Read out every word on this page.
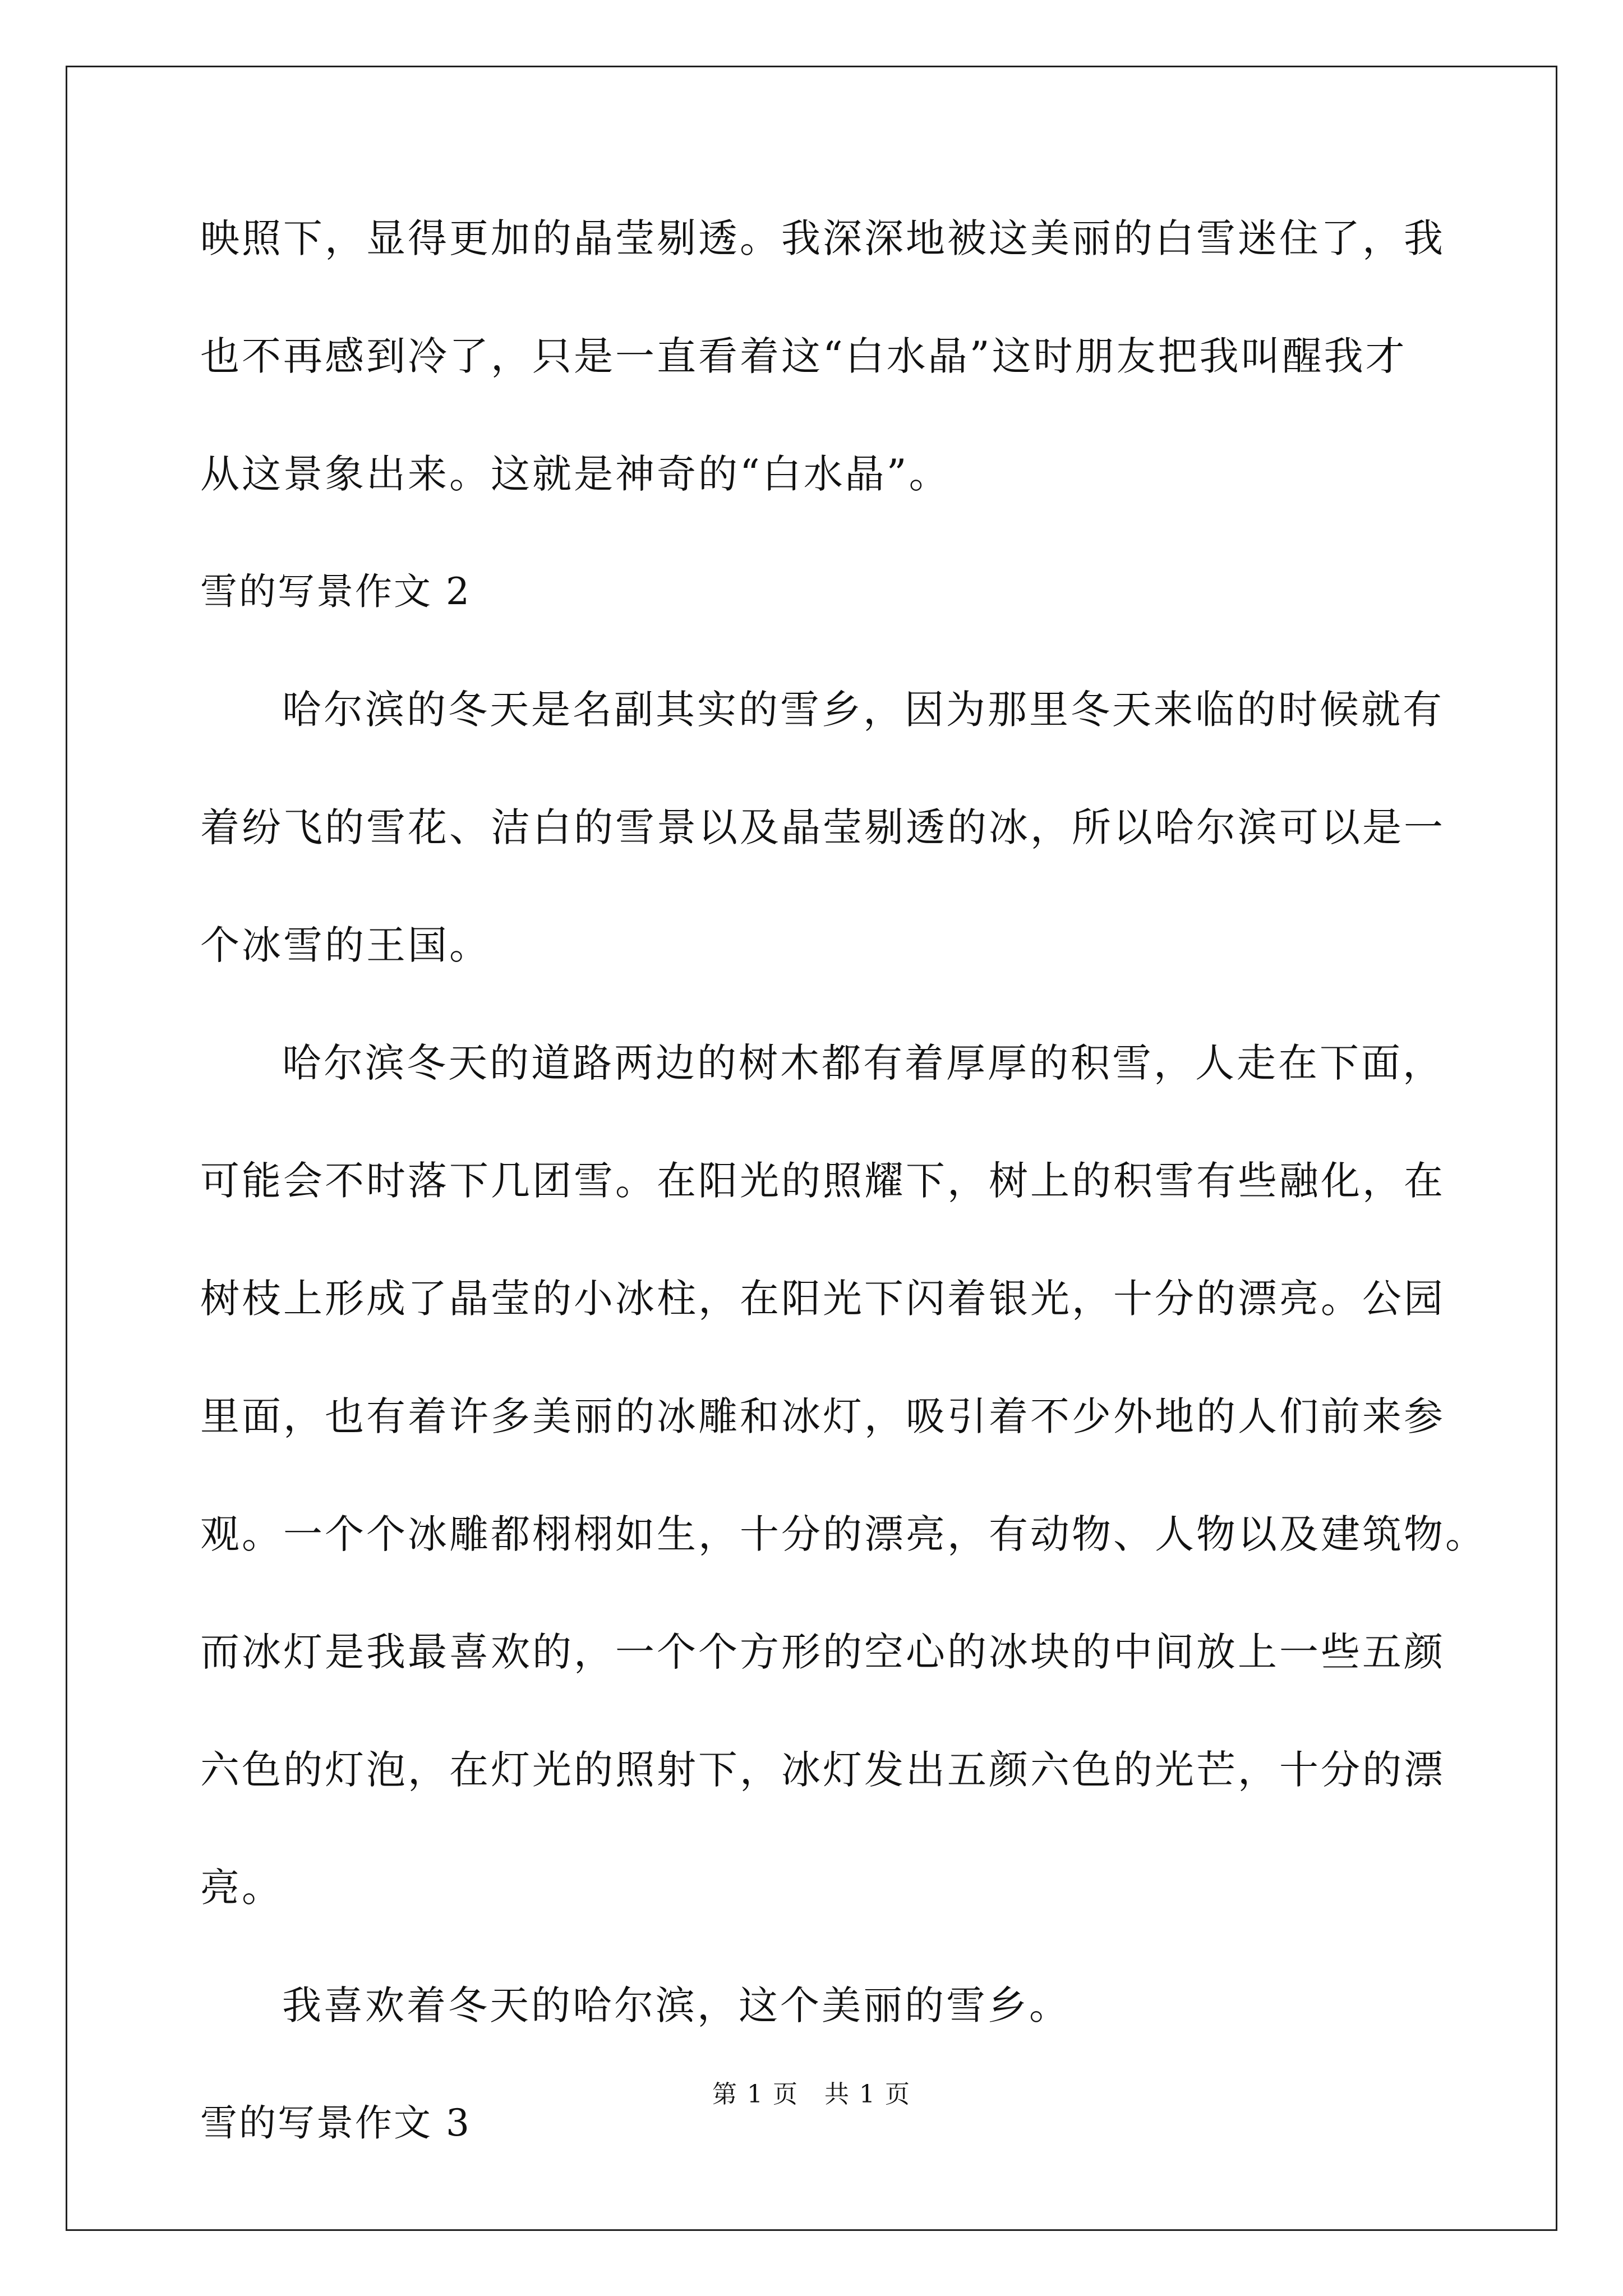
映照下，显得更加的晶莹剔透。我深深地被这美丽的白雪迷住了，我
也不再感到冷了，只是一直看着这“白水晶”这时朋友把我叫醒我才
从这景象出来。这就是神奇的“白水晶”。
雪的写景作文 2
哈尔滨的冬天是名副其实的雪乡，因为那里冬天来临的时候就有
着纷飞的雪花、洁白的雪景以及晶莹剔透的冰，所以哈尔滨可以是一
个冰雪的王国。
哈尔滨冬天的道路两边的树木都有着厚厚的积雪，人走在下面，
可能会不时落下几团雪。在阳光的照耀下，树上的积雪有些融化，在
树枝上形成了晶莹的小冰柱，在阳光下闪着银光，十分的漂亮。公园
里面，也有着许多美丽的冰雕和冰灯，吸引着不少外地的人们前来参
观。一个个冰雕都栩栩如生，十分的漂亮，有动物、人物以及建筑物。
而冰灯是我最喜欢的，一个个方形的空心的冰块的中间放上一些五颜
六色的灯泡，在灯光的照射下，冰灯发出五颜六色的光芒，十分的漂
亮。
我喜欢着冬天的哈尔滨，这个美丽的雪乡。
雪的写景作文 3
第 1 页　共 1 页
